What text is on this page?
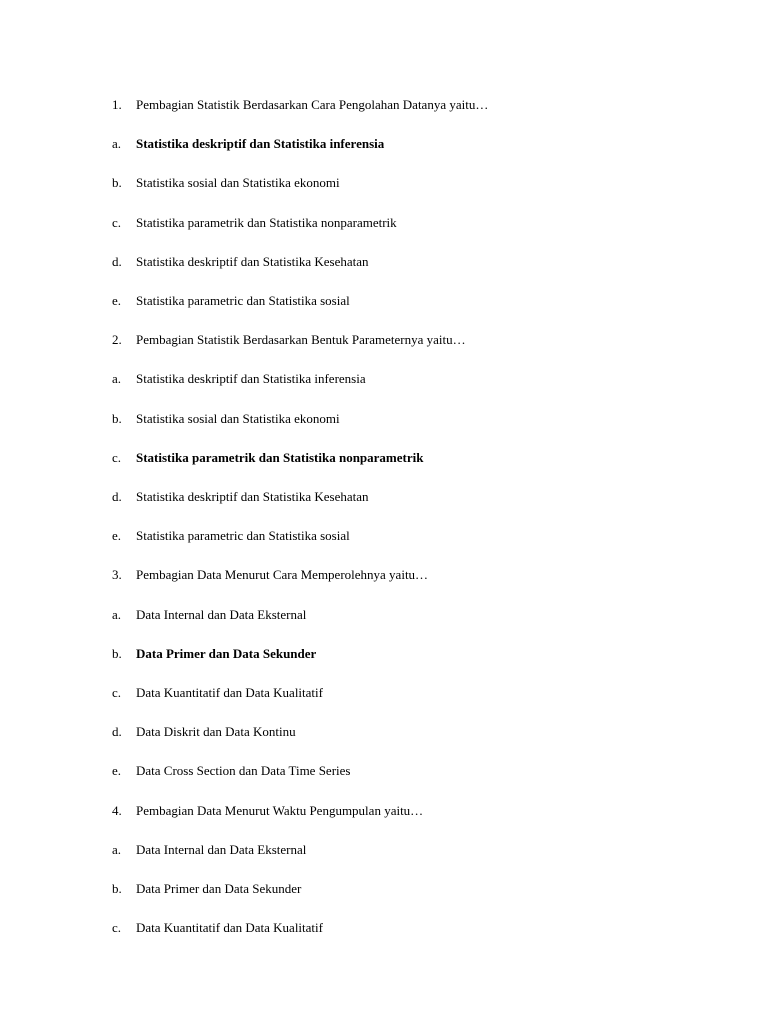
1.	Pembagian Statistik Berdasarkan Cara Pengolahan Datanya yaitu…
a.	Statistika deskriptif dan Statistika inferensia
b.	Statistika sosial dan Statistika ekonomi
c.	Statistika parametrik dan Statistika nonparametrik
d.	Statistika deskriptif dan Statistika Kesehatan
e.	Statistika parametric dan Statistika sosial
2.	Pembagian Statistik Berdasarkan Bentuk Parameternya yaitu…
a.	Statistika deskriptif dan Statistika inferensia
b.	Statistika sosial dan Statistika ekonomi
c.	Statistika parametrik dan Statistika nonparametrik
d.	Statistika deskriptif dan Statistika Kesehatan
e.	Statistika parametric dan Statistika sosial
3.	Pembagian Data Menurut Cara Memperolehnya yaitu…
a.	Data Internal dan Data Eksternal
b.	Data Primer dan Data Sekunder
c.	Data Kuantitatif dan Data Kualitatif
d.	Data Diskrit dan Data Kontinu
e.	Data Cross Section dan Data Time Series
4.	Pembagian Data Menurut Waktu Pengumpulan yaitu…
a.	Data Internal dan Data Eksternal
b.	Data Primer dan Data Sekunder
c.	Data Kuantitatif dan Data Kualitatif
